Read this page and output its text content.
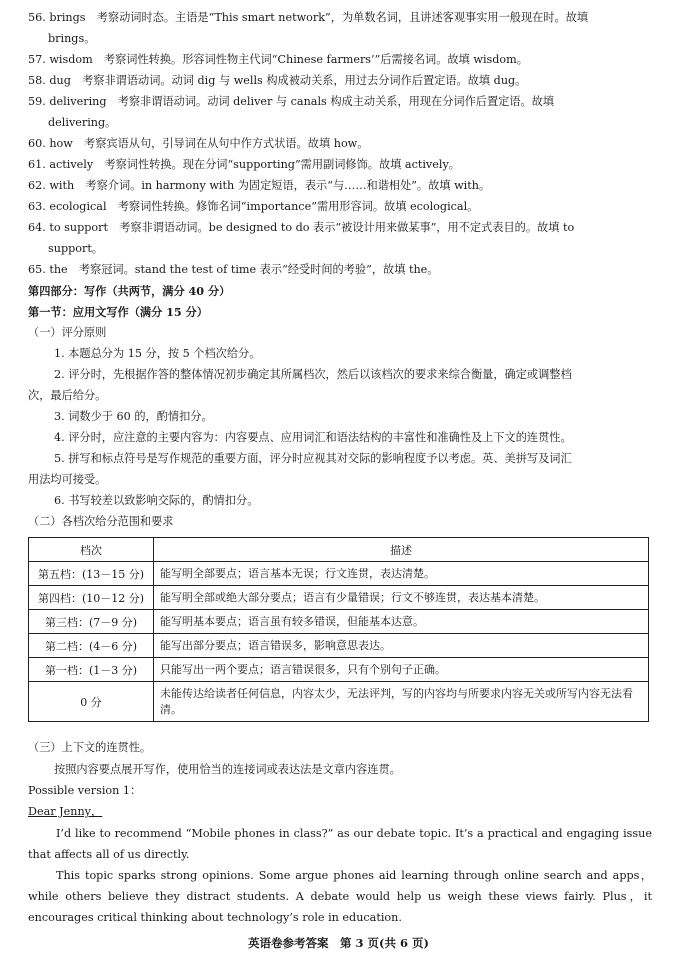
56. brings　考察动词时态。主语是“This smart network”，为单数名词，且讲述客观事实用一般现在时。故填
brings。
57. wisdom　考察词性转换。形容词性物主代词“Chinese farmers’”后需接名词。故填 wisdom。
58. dug　考察非谓语动词。动词 dig 与 wells 构成被动关系，用过去分词作后置定语。故填 dug。
59. delivering　考察非谓语动词。动词 deliver 与 canals 构成主动关系，用现在分词作后置定语。故填
delivering。
60. how　考察宾语从句，引导词在从句中作方式状语。故填 how。
61. actively　考察词性转换。现在分词“supporting”需用副词修饰。故填 actively。
62. with　考察介词。in harmony with 为固定短语，表示“与……和谐相处”。故填 with。
63. ecological　考察词性转换。修饰名词“importance”需用形容词。故填 ecological。
64. to support　考察非谓语动词。be designed to do 表示“被设计用来做某事”，用不定式表目的。故填 to
support。
65. the　考察冠词。stand the test of time 表示“经受时间的考验”，故填 the。
第四部分：写作（共两节，满分 40 分）
第一节：应用文写作（满分 15 分）
（一）评分原则
1. 本题总分为 15 分，按 5 个档次给分。
2. 评分时，先根据作答的整体情况初步确定其所属档次，然后以该档次的要求来综合衡量，确定或调整档
次，最后给分。
3. 词数少于 60 的，酌情扣分。
4. 评分时，应注意的主要内容为：内容要点、应用词汇和语法结构的丰富性和准确性及上下文的连贯性。
5. 拼写和标点符号是写作规范的重要方面，评分时应视其对交际的影响程度予以考虑。英、美拼写及词汇
用法均可接受。
6. 书写较差以致影响交际的，酌情扣分。
（二）各档次给分范围和要求
档次	描述
第五档：(13－15 分)	能写明全部要点；语言基本无误；行文连贯，表达清楚。
第四档：(10－12 分)	能写明全部或绝大部分要点；语言有少量错误；行文不够连贯，表达基本清楚。
第三档：(7－9 分)	能写明基本要点；语言虽有较多错误，但能基本达意。
第二档：(4－6 分)	能写出部分要点；语言错误多，影响意思表达。
第一档：(1－3 分)	只能写出一两个要点；语言错误很多，只有个别句子正确。
0 分	未能传达给读者任何信息，内容太少，无法评判，写的内容均与所要求内容无关或所写内容无法看清。
（三）上下文的连贯性。
按照内容要点展开写作，使用恰当的连接词或表达法是文章内容连贯。
Possible version 1：
Dear Jenny，
I’d like to recommend “Mobile phones in class?” as our debate topic. It’s a practical and engaging issue that affects all of us directly.
This topic sparks strong opinions. Some argue phones aid learning through online search and apps，while others believe they distract students. A debate would help us weigh these views fairly. Plus，it encourages critical thinking about technology’s role in education.
英语卷参考答案　第 3 页(共 6 页)
